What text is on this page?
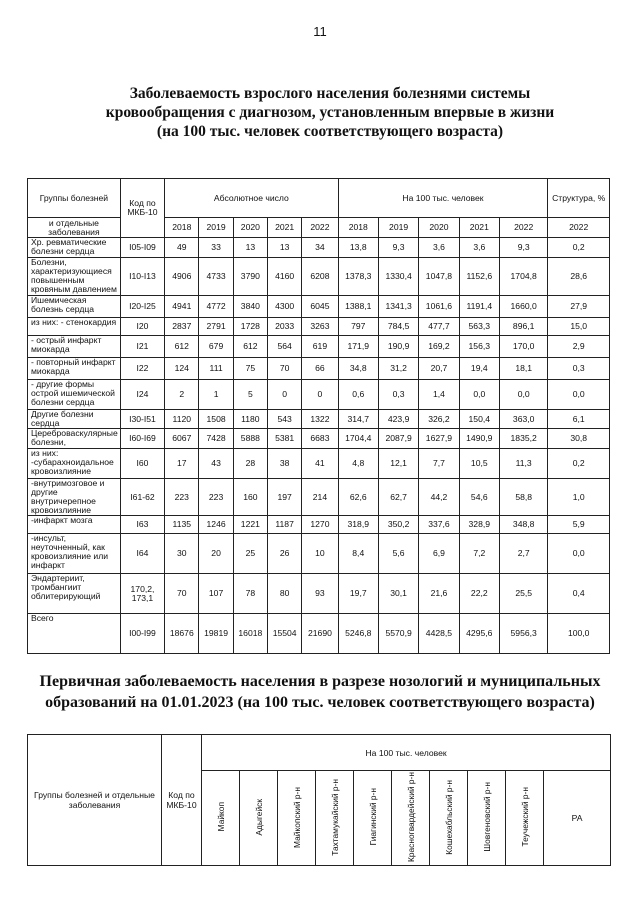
11
Заболеваемость взрослого населения болезнями системы
кровообращения с диагнозом, установленным впервые в жизни
(на 100 тыс. человек соответствующего возраста)
Группы болезней	Код по МКБ-10	Абсолютное число					На 100 тыс. человек					Структура, %
и отдельные заболевания		2018	2019	2020	2021	2022	2018	2019	2020	2021	2022	2022
Хр. ревматические болезни сердца	I05-I09	49	33	13	13	34	13,8	9,3	3,6	3,6	9,3	0,2
Болезни, характеризующиеся повышенным кровяным давлением	I10-I13	4906	4733	3790	4160	6208	1378,3	1330,4	1047,8	1152,6	1704,8	28,6
Ишемическая болезнь сердца	I20-I25	4941	4772	3840	4300	6045	1388,1	1341,3	1061,6	1191,4	1660,0	27,9
из них: - стенокардия	I20	2837	2791	1728	2033	3263	797	784,5	477,7	563,3	896,1	15,0
- острый инфаркт миокарда	I21	612	679	612	564	619	171,9	190,9	169,2	156,3	170,0	2,9
- повторный инфаркт миокарда	I22	124	111	75	70	66	34,8	31,2	20,7	19,4	18,1	0,3
- другие формы острой ишемической болезни сердца	I24	2	1	5	0	0	0,6	0,3	1,4	0,0	0,0	0,0
Другие болезни сердца	I30-I51	1120	1508	1180	543	1322	314,7	423,9	326,2	150,4	363,0	6,1
Цереброваскулярные болезни,	I60-I69	6067	7428	5888	5381	6683	1704,4	2087,9	1627,9	1490,9	1835,2	30,8
из них: -субарахноидальное кровоизлияние	I60	17	43	28	38	41	4,8	12,1	7,7	10,5	11,3	0,2
-внутримозговое и другие внутричерепное кровоизлияние	I61-62	223	223	160	197	214	62,6	62,7	44,2	54,6	58,8	1,0
-инфаркт мозга	I63	1135	1246	1221	1187	1270	318,9	350,2	337,6	328,9	348,8	5,9
-инсульт, неуточненный, как кровоизлияние или инфаркт	I64	30	20	25	26	10	8,4	5,6	6,9	7,2	2,7	0,0
Эндартериит, тромбангиит облитерирующий	170,2, 173,1	70	107	78	80	93	19,7	30,1	21,6	22,2	25,5	0,4
Всего	I00-I99	18676	19819	16018	15504	21690	5246,8	5570,9	4428,5	4295,6	5956,3	100,0
Первичная заболеваемость населения в разрезе нозологий и муниципальных
образований на 01.01.2023 (на 100 тыс. человек соответствующего возраста)
Группы болезней и отдельные заболевания	Код по МКБ-10	На 100 тыс. человек									
		Майкоп	Адыгейск	Майкопский р-н	Тахтамукайский р-н	Гиагинский р-н	Красногвардейский р-н	Кошехабльский р-н	Шовгеновский р-н	Теучежский р-н	РА
